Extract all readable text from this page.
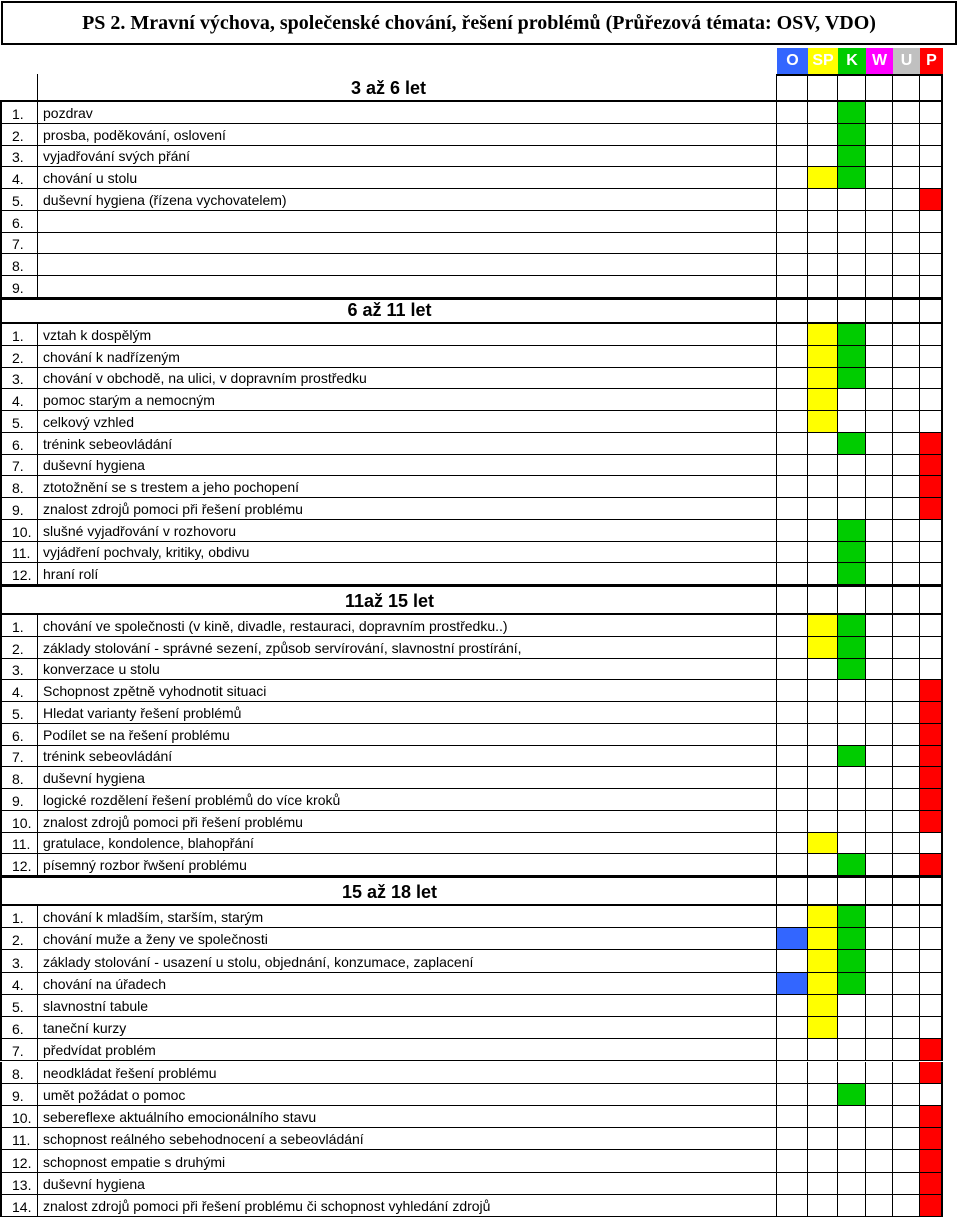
PS 2. Mravní výchova, společenské chování, řešení problémů (Průřezová témata: OSV, VDO)
O SP K W U P
3 až 6 let
1.	pozdrav
2.	prosba, poděkování, oslovení
3.	vyjadřování svých přání
4.	chování u stolu
5.	duševní hygiena (řízena vychovatelem)
6.
7.
8.
9.
6 až 11 let
1.	vztah k dospělým
2.	chování k nadřízeným
3.	chování v obchodě, na ulici, v dopravním prostředku
4.	pomoc starým a nemocným
5.	celkový vzhled
6.	trénink sebeovládání
7.	duševní hygiena
8.	ztotožnění se s trestem a jeho pochopení
9.	znalost zdrojů pomoci při řešení problému
10. slušné vyjadřování v rozhovoru
11. vyjádření pochvaly, kritiky, obdivu
12. hraní rolí
11až 15 let
1.	chování ve společnosti (v kině, divadle, restauraci, dopravním prostředku..)
2.	základy stolování - správné sezení, způsob servírování, slavnostní prostírání,
3.	konverzace u stolu
4.	Schopnost zpětně vyhodnotit situaci
5.	Hledat varianty řešení problémů
6.	Podílet se na řešení problému
7.	trénink sebeovládání
8.	duševní hygiena
9.	logické rozdělení řešení problémů do více kroků
10. znalost zdrojů pomoci při řešení problému
11. gratulace, kondolence, blahopřání
12. písemný rozbor řwšení problému
15 až 18 let
1.	chování k mladším, starším, starým
2.	chování muže a ženy ve společnosti
3.	základy stolování - usazení u stolu, objednání, konzumace, zaplacení
4.	chování na úřadech
5.	slavnostní tabule
6.	taneční kurzy
7.	předvídat problém
8.	neodkládat řešení problému
9.	umět požádat o pomoc
10. sebereflexe aktuálního emocionálního stavu
11. schopnost reálného sebehodnocení a sebeovládání
12. schopnost empatie s druhými
13. duševní hygiena
14. znalost zdrojů pomoci při řešení problému či schopnost vyhledání zdrojů
